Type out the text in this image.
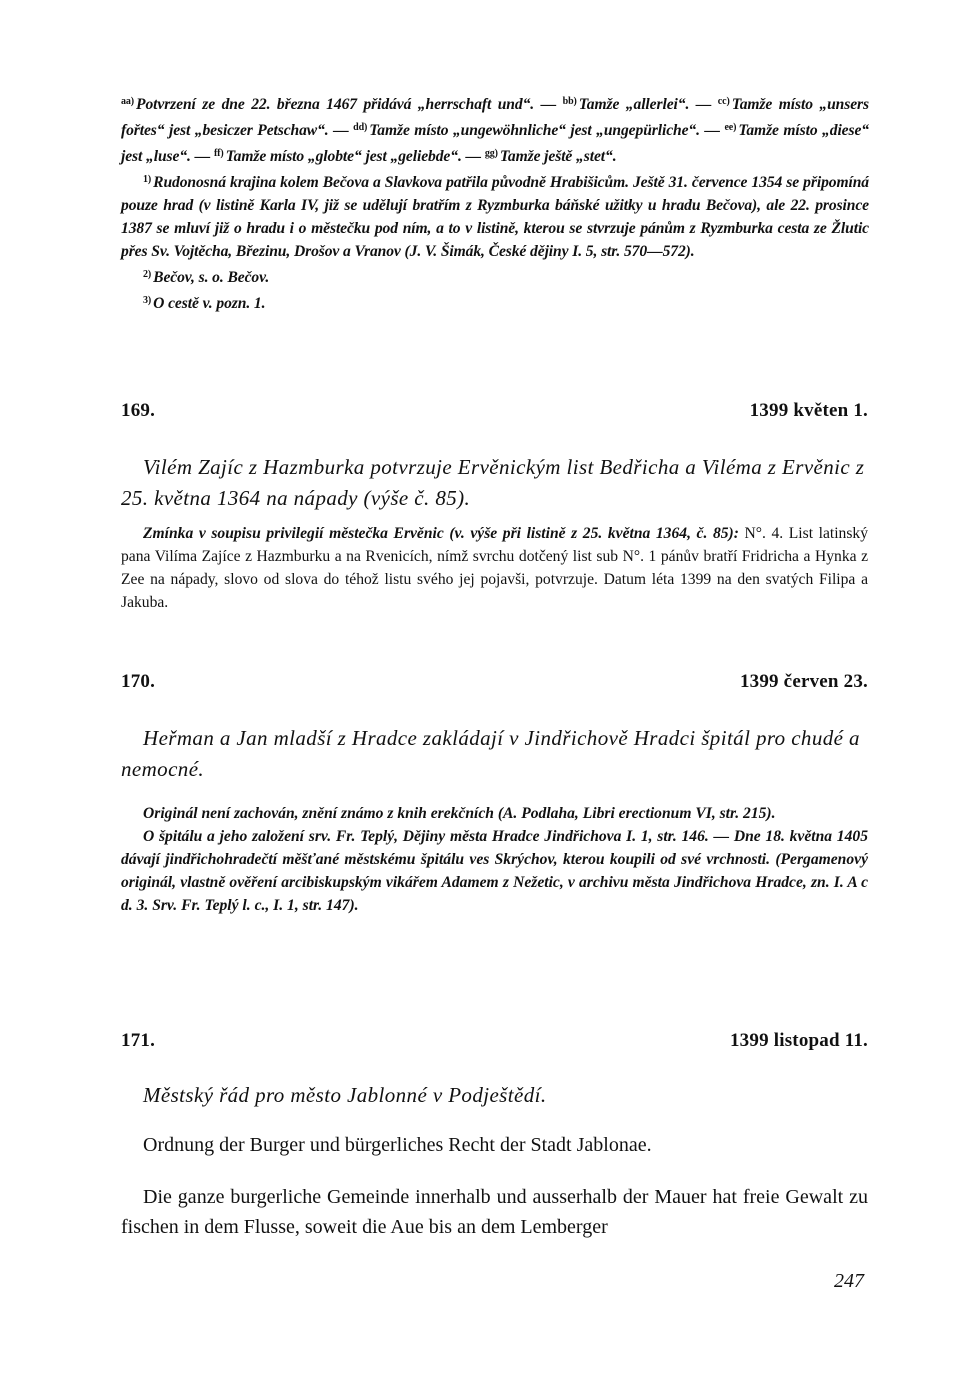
$^{aa)}$ Potvrzení ze dne 22. března 1467 přidává „herrschaft und“. — $^{bb)}$ Tamže „allerlei“. — $^{cc)}$ Tamže místo „unsers fořtes“ jest „besiczer Petschaw“. — $^{dd)}$ Tamže místo „ungewöhnliche“ jest „ungepürliche“. — $^{ee)}$ Tamže místo „diese“ jest „luse“. — $^{ff)}$ Tamže místo „globte“ jest „geliebde“. — $^{gg)}$ Tamže ještě „stet“.

$^{1)}$ Rudonosná krajina kolem Bečova a Slavkova patřila původně Hrabišicům. Ještě 31. července 1354 se připomíná pouze hrad (v listině Karla IV, již se udělují bratřím z Ryzmburka báňské užitky u hradu Bečova), ale 22. prosince 1387 se mluví již o hradu i o městečku pod ním, a to v listině, kterou se stvrzuje pánům z Ryzmburka cesta ze Žlutic přes Sv. Vojtěcha, Březinu, Drošov a Vranov (J. V. Šimák, České dějiny I. 5, str. 570—572).

$^{2)}$ Bečov, s. o. Bečov.

$^{3)}$ O cestě v. pozn. 1.

169.	1399 květen 1.

Vilém Zajíc z Hazmburka potvrzuje Ervěnickým list Bedřicha a Viléma z Ervěnic z 25. května 1364 na nápady (výše č. 85).

Zmínka v soupisu privilegií městečka Ervěnic (v. výše při listině z 25. května 1364, č. 85): N°. 4. List latinský pana Vilíma Zajíce z Hazmburku a na Rvenicích, nímž svrchu dotčený list sub N°. 1 pánův bratří Fridricha a Hynka z Zee na nápady, slovo od slova do téhož listu svého jej pojavši, potvrzuje. Datum léta 1399 na den svatých Filipa a Jakuba.

170.	1399 červen 23.

Heřman a Jan mladší z Hradce zakládají v Jindřichově Hradci špitál pro chudé a nemocné.

Originál není zachován, znění známo z knih erekčních (A. Podlaha, Libri erectionum VI, str. 215).

O špitálu a jeho založení srv. Fr. Teplý, Dějiny města Hradce Jindřichova I. 1, str. 146. — Dne 18. května 1405 dávají jindřichohradečtí měšťané městskému špitálu ves Skrýchov, kterou koupili od své vrchnosti. (Pergamenový originál, vlastně ověření arcibiskupským vikářem Adamem z Nežetic, v archivu města Jindřichova Hradce, zn. I. A c d. 3. Srv. Fr. Teplý l. c., I. 1, str. 147).

171.	1399 listopad 11.

Městský řád pro město Jablonné v Podještědí.

Ordnung der Burger und bürgerliches Recht der Stadt Jablonae.

Die ganze burgerliche Gemeinde innerhalb und ausserhalb der Mauer hat freie Gewalt zu fischen in dem Flusse, soweit die Aue bis an dem Lemberger

247
